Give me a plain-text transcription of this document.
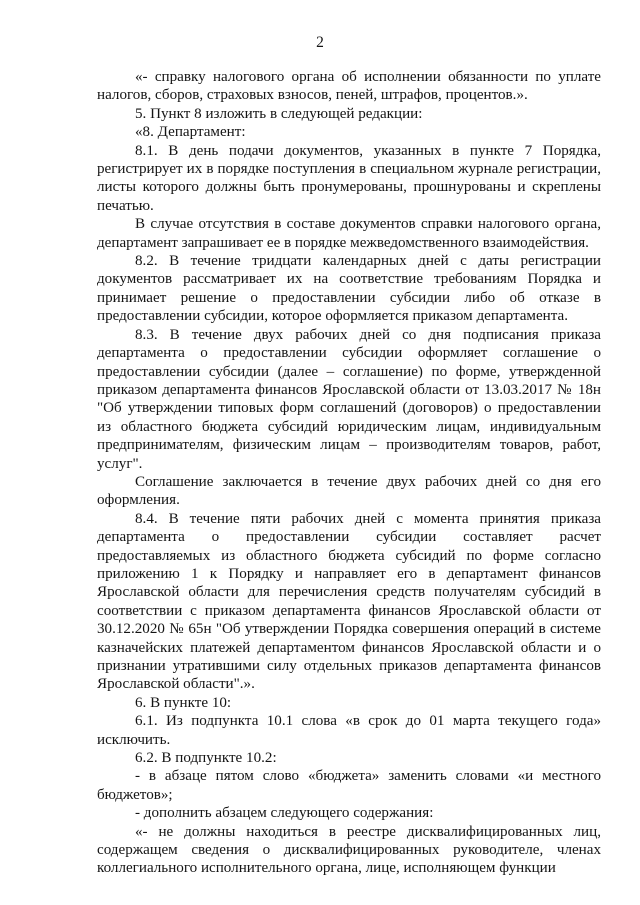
2

«- справку налогового органа об исполнении обязанности по уплате налогов, сборов, страховых взносов, пеней, штрафов, процентов.».

5. Пункт 8 изложить в следующей редакции:

«8. Департамент:

8.1. В день подачи документов, указанных в пункте 7 Порядка, регистрирует их в порядке поступления в специальном журнале регистрации, листы которого должны быть пронумерованы, прошнурованы и скреплены печатью.

В случае отсутствия в составе документов справки налогового органа, департамент запрашивает ее в порядке межведомственного взаимодействия.

8.2. В течение тридцати календарных дней с даты регистрации документов рассматривает их на соответствие требованиям Порядка и принимает решение о предоставлении субсидии либо об отказе в предоставлении субсидии, которое оформляется приказом департамента.

8.3. В течение двух рабочих дней со дня подписания приказа департамента о предоставлении субсидии оформляет соглашение о предоставлении субсидии (далее – соглашение) по форме, утвержденной приказом департамента финансов Ярославской области от 13.03.2017 № 18н "Об утверждении типовых форм соглашений (договоров) о предоставлении из областного бюджета субсидий юридическим лицам, индивидуальным предпринимателям, физическим лицам – производителям товаров, работ, услуг".

Соглашение заключается в течение двух рабочих дней со дня его оформления.

8.4. В течение пяти рабочих дней с момента принятия приказа департамента о предоставлении субсидии составляет расчет предоставляемых из областного бюджета субсидий по форме согласно приложению 1 к Порядку и направляет его в департамент финансов Ярославской области для перечисления средств получателям субсидий в соответствии с приказом департамента финансов Ярославской области от 30.12.2020 № 65н "Об утверждении Порядка совершения операций в системе казначейских платежей департаментом финансов Ярославской области и о признании утратившими силу отдельных приказов департамента финансов Ярославской области".».

6. В пункте 10:

6.1. Из подпункта 10.1 слова «в срок до 01 марта текущего года» исключить.

6.2. В подпункте 10.2:

- в абзаце пятом слово «бюджета» заменить словами «и местного бюджетов»;

- дополнить абзацем следующего содержания:

«- не должны находиться в реестре дисквалифицированных лиц, содержащем сведения о дисквалифицированных руководителе, членах коллегиального исполнительного органа, лице, исполняющем функции
